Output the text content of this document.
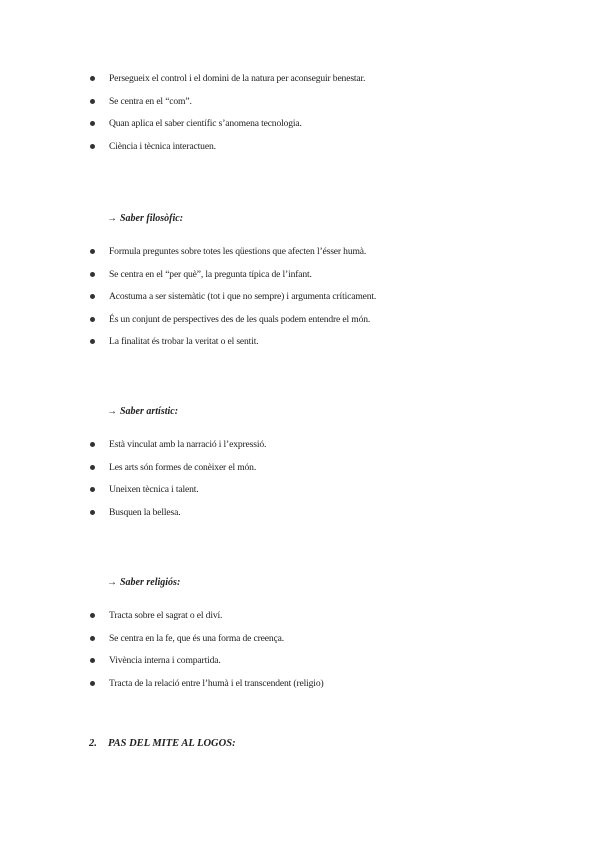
Persegueix el control i el domini de la natura per aconseguir benestar.
Se centra en el “com”.
Quan aplica el saber científic s’anomena tecnologia.
Ciència i tècnica interactuen.
→ Saber filosòfic:
Formula preguntes sobre totes les qüestions que afecten l’ésser humà.
Se centra en el “per què”, la pregunta típica de l’infant.
Acostuma a ser sistemàtic (tot i que no sempre) i argumenta críticament.
És un conjunt de perspectives des de les quals podem entendre el món.
La finalitat és trobar la veritat o el sentit.
→ Saber artístic:
Està vinculat amb la narració i l’expressió.
Les arts són formes de conèixer el món.
Uneixen tècnica i talent.
Busquen la bellesa.
→ Saber religiós:
Tracta sobre el sagrat o el diví.
Se centra en la fe, que és una forma de creença.
Vivència interna i compartida.
Tracta de la relació entre l’humà i el transcendent (religio)
2. PAS DEL MITE AL LOGOS:
